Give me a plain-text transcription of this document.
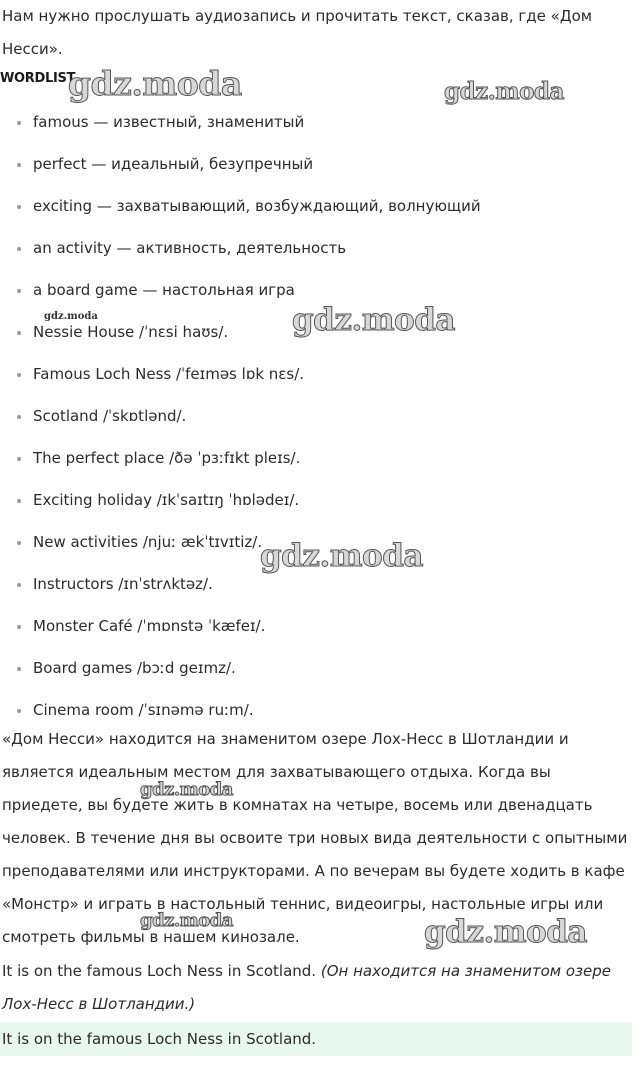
Нам нужно прослушать аудиозапись и прочитать текст, сказав, где «Дом Несси».

WORDLIST
famous — известный, знаменитый
perfect — идеальный, безупречный
exciting — захватывающий, возбуждающий, волнующий
an activity — активность, деятельность
a board game — настольная игра
Nessie House /ˈnɛsi haʊs/.
Famous Loch Ness /ˈfeɪməs lɒk nɛs/.
Scotland /ˈskɒtlənd/.
The perfect place /ðə ˈpɜːfɪkt pleɪs/.
Exciting holiday /ɪkˈsaɪtɪŋ ˈhɒlədeɪ/.
New activities /njuː ækˈtɪvɪtiz/.
Instructors /ɪnˈstrʌktəz/.
Monster Café /ˈmɒnstə ˈkæfeɪ/.
Board games /bɔːd geɪmz/.
Cinema room /ˈsɪnəmə ruːm/.

«Дом Несси» находится на знаменитом озере Лох-Несс в Шотландии и является идеальным местом для захватывающего отдыха. Когда вы приедете, вы будете жить в комнатах на четыре, восемь или двенадцать человек. В течение дня вы освоите три новых вида деятельности с опытными преподавателями или инструкторами. А по вечерам вы будете ходить в кафе «Монстр» и играть в настольный теннис, видеоигры, настольные игры или смотреть фильмы в нашем кинозале.

It is on the famous Loch Ness in Scotland. (Он находится на знаменитом озере Лох-Несс в Шотландии.)

It is on the famous Loch Ness in Scotland.
gdz.moda	gdz.moda
gdz.moda	gdz.moda
gdz.moda
gdz.moda
gdz.moda	gdz.moda
